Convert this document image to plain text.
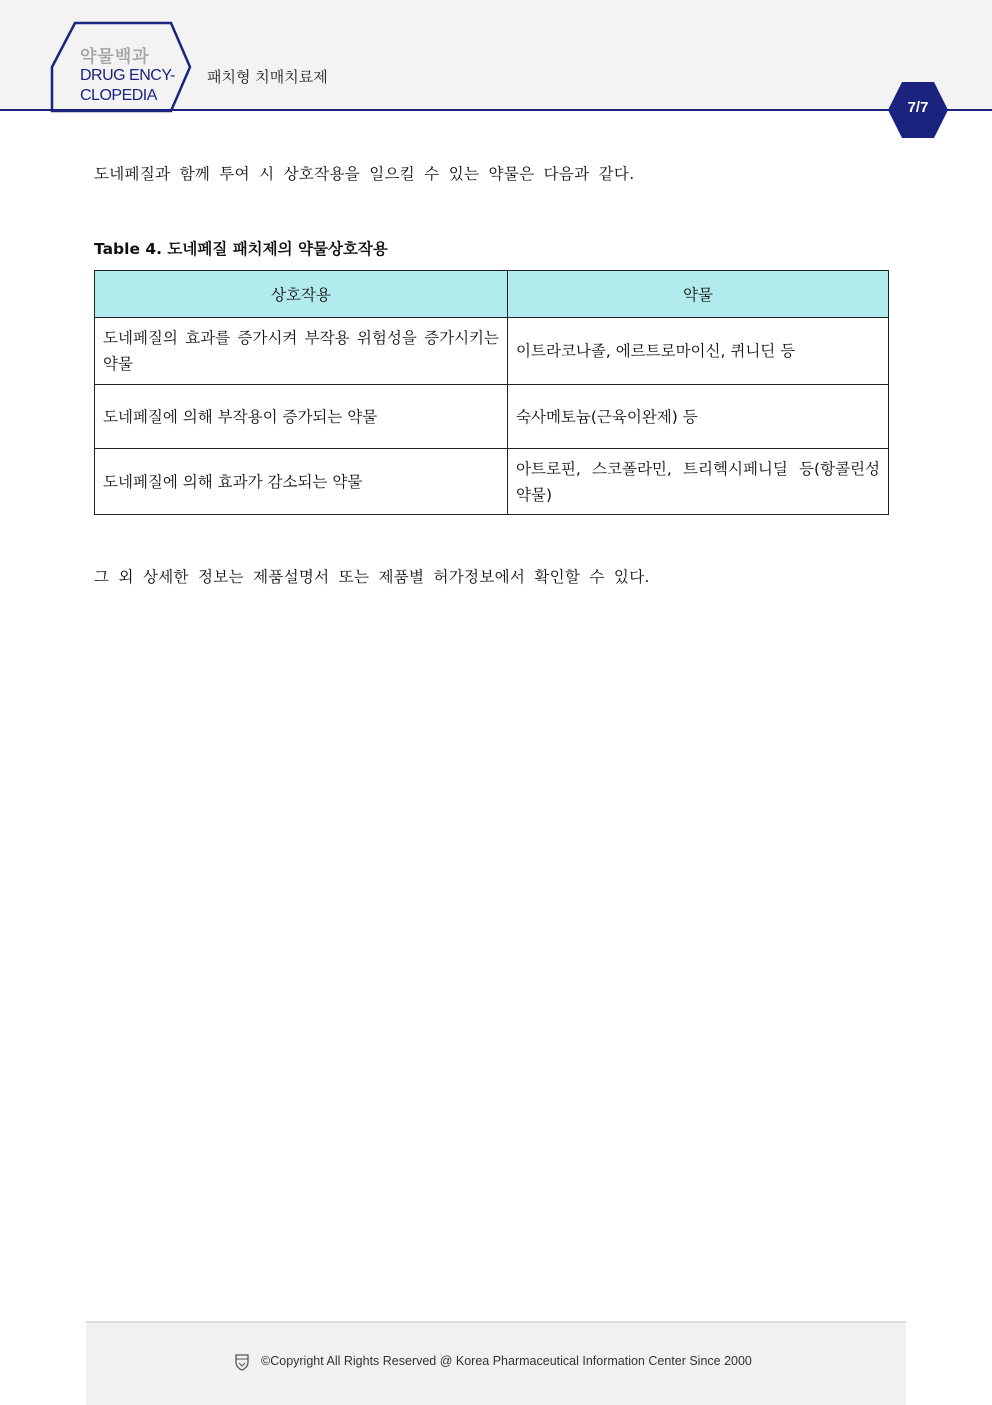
약물백과
DRUG ENCY-
CLOPEDIA
패치형 치매치료제
7/7
도네페질과 함께 투여 시 상호작용을 일으킬 수 있는 약물은 다음과 같다.
Table 4. 도네페질 패치제의 약물상호작용
상호작용	약물
도네페질의 효과를 증가시켜 부작용 위험성을 증가시키는 약물	이트라코나졸, 에르트로마이신, 퀴니딘 등
도네페질에 의해 부작용이 증가되는 약물	숙사메토늄(근육이완제) 등
도네페질에 의해 효과가 감소되는 약물	아트로핀, 스코폴라민, 트리헥시페니딜 등(항콜린성 약물)
그 외 상세한 정보는 제품설명서 또는 제품별 허가정보에서 확인할 수 있다.
©Copyright All Rights Reserved @ Korea Pharmaceutical Information Center Since 2000
